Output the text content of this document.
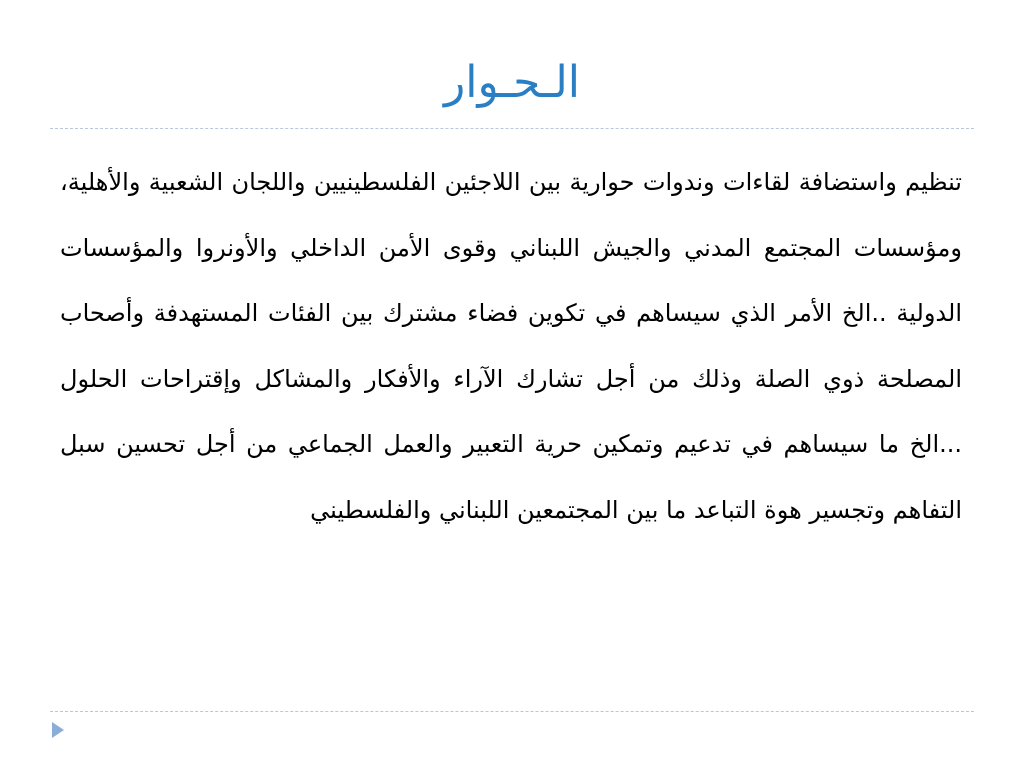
الـحـوار

تنظيم واستضافة لقاءات وندوات حوارية بين اللاجئين الفلسطينيين واللجان الشعبية والأهلية، ومؤسسات المجتمع المدني والجيش اللبناني وقوى الأمن الداخلي والأونروا والمؤسسات الدولية ..الخ الأمر الذي سيساهم في تكوين فضاء مشترك بين الفئات المستهدفة وأصحاب المصلحة ذوي الصلة وذلك من أجل تشارك الآراء والأفكار والمشاكل وإقتراحات الحلول ...الخ ما سيساهم في تدعيم وتمكين حرية التعبير والعمل الجماعي من أجل تحسين سبل التفاهم وتجسير هوة التباعد ما بين المجتمعين اللبناني والفلسطيني
